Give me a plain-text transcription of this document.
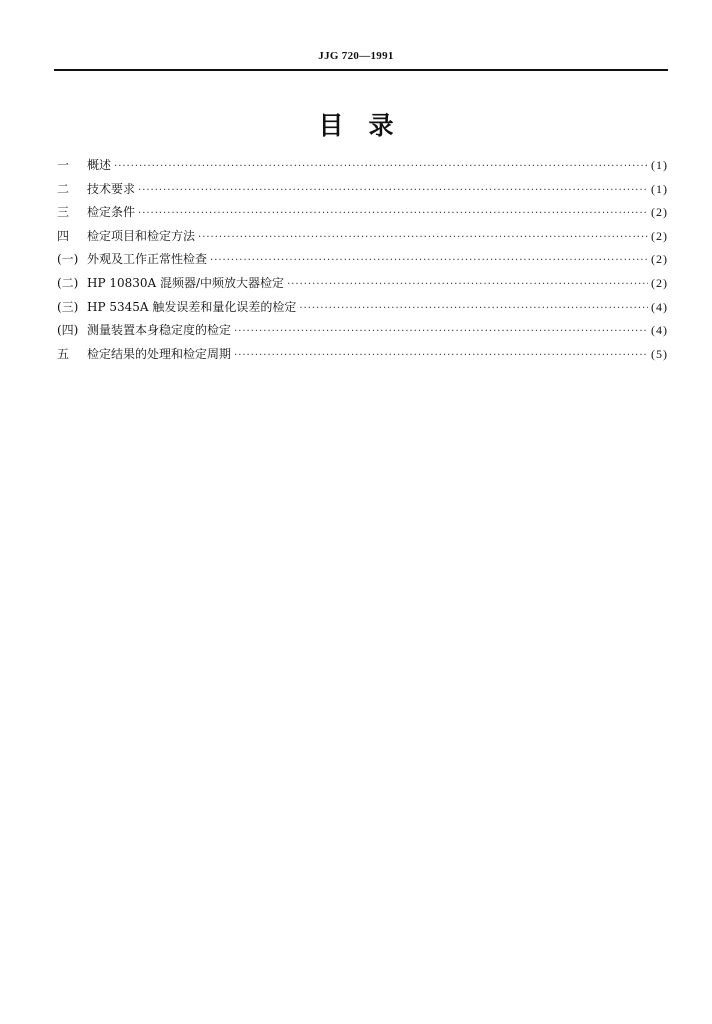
JJG 720—1991
目　录
一	概述 ·····	(1)
二	技术要求 ·····	(1)
三	检定条件 ·····	(2)
四	检定项目和检定方法 ·····	(2)
(一) 外观及工作正常性检查 ·····	(2)
(二) HP 10830A 混频器/中频放大器检定 ·····	(2)
(三) HP 5345A 触发误差和量化误差的检定 ·····	(4)
(四) 测量装置本身稳定度的检定 ·····	(4)
五	检定结果的处理和检定周期 ·····	(5)
